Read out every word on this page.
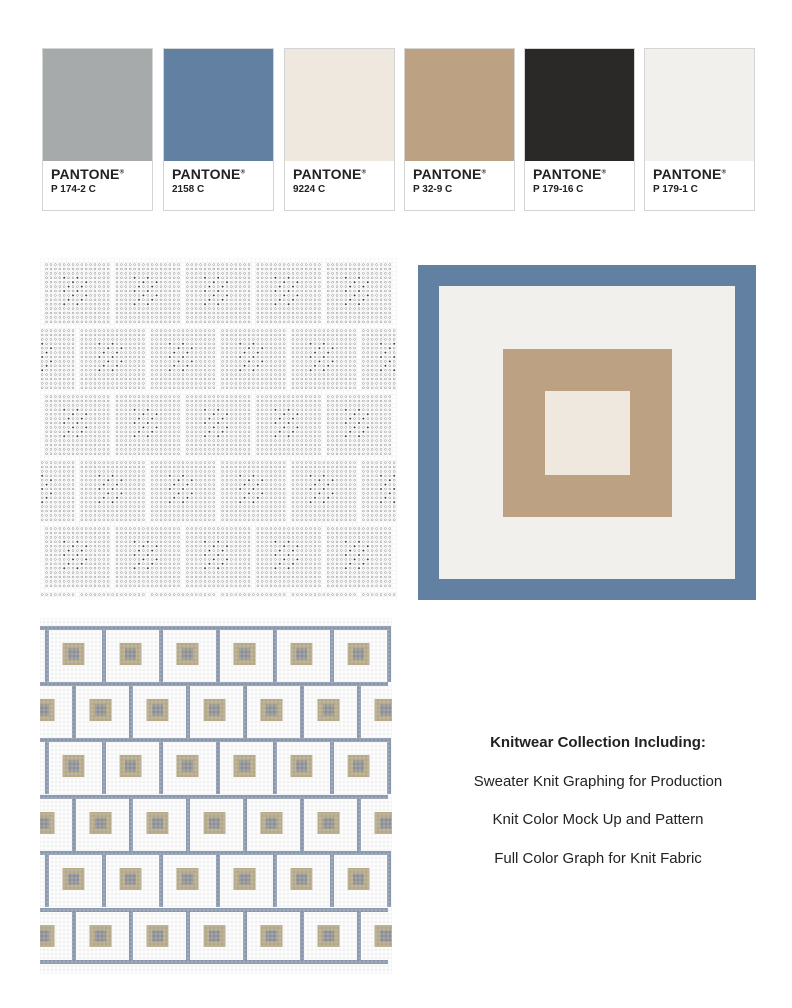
PANTONE®
P 174-2 C
PANTONE®
2158 C
PANTONE®
9224 C
PANTONE®
P 32-9 C
PANTONE®
P 179-16 C
PANTONE®
P 179-1 C
Knitwear Collection Including:
Sweater Knit Graphing for Production
Knit Color Mock Up and Pattern
Full Color Graph for Knit Fabric
